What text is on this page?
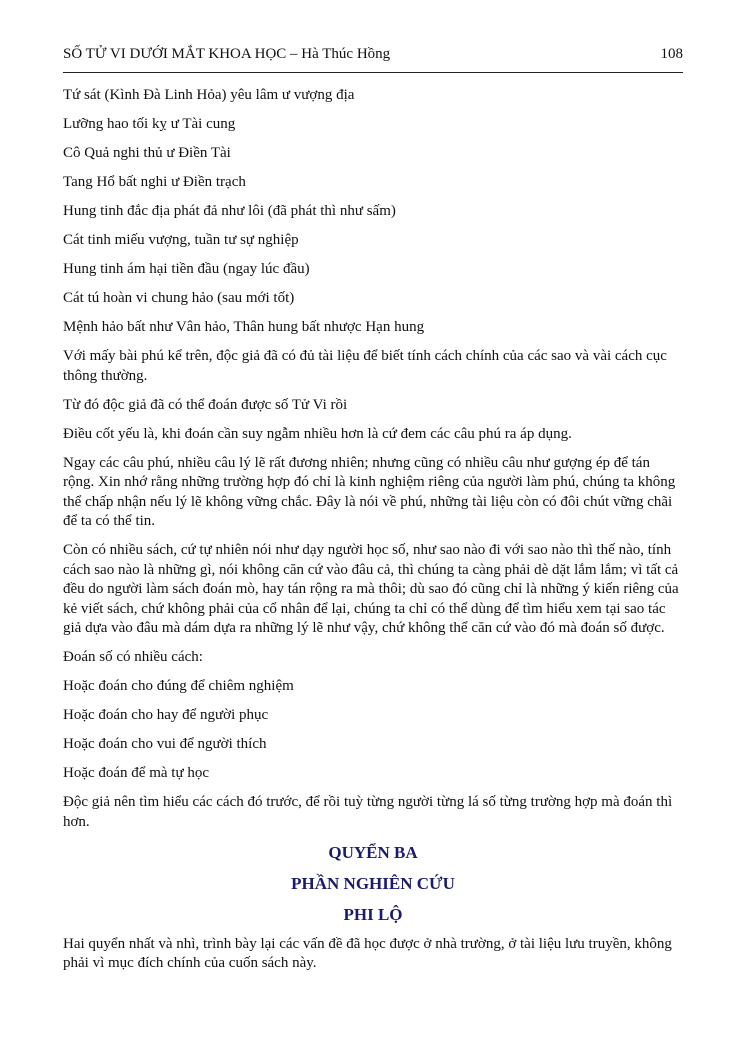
SỐ TỬ VI DƯỚI MẮT KHOA HỌC – Hà Thúc Hồng	108

Tứ sát (Kình Đà Linh Hỏa) yêu lâm ư vượng địa

Lưỡng hao tối kỵ ư Tài cung

Cô Quả nghi thủ ư Điền Tài

Tang Hổ bất nghi ư Điền trạch

Hung tinh đắc địa phát đả như lôi (đã phát thì như sấm)

Cát tinh miếu vượng, tuần tư sự nghiệp

Hung tinh ám hại tiền đầu (ngay lúc đầu)

Cát tú hoàn vi chung hảo (sau mới tốt)

Mệnh hảo bất như Vân hảo, Thân hung bất nhược Hạn hung

Với mấy bài phú kể trên, độc giả đã có đủ tài liệu để biết tính cách chính của các sao và vài cách cục thông thường.

Từ đó độc giả đã có thể đoán được số Tử Vi rồi

Điều cốt yếu là, khi đoán cần suy ngẫm nhiều hơn là cứ đem các câu phú ra áp dụng.

Ngay các câu phú, nhiều câu lý lẽ rất đương nhiên; nhưng cũng có nhiều câu như gượng ép để tán rộng. Xin nhớ rằng những trường hợp đó chỉ là kinh nghiệm riêng của người làm phú, chúng ta không thể chấp nhận nếu lý lẽ không vững chắc. Đây là nói về phú, những tài liệu còn có đôi chút vững chãi để ta có thể tin.

Còn có nhiều sách, cứ tự nhiên nói như dạy người học số, như sao nào đi với sao nào thì thế nào, tính cách sao nào là những gì, nói không căn cứ vào đâu cả, thì chúng ta càng phải dè dặt lắm lắm; vì tất cả đều do người làm sách đoán mò, hay tán rộng ra mà thôi; dù sao đó cũng chỉ là những ý kiến riêng của kẻ viết sách, chứ không phải của cổ nhân để lại, chúng ta chỉ có thể dùng để tìm hiểu xem tại sao tác giả dựa vào đâu mà dám dựa ra những lý lẽ như vậy, chứ không thể căn cứ vào đó mà đoán số được.

Đoán số có nhiều cách:

Hoặc đoán cho đúng để chiêm nghiệm

Hoặc đoán cho hay để người phục

Hoặc đoán cho vui để người thích

Hoặc đoán để mà tự học

Độc giả nên tìm hiểu các cách đó trước, để rồi tuỳ từng người từng lá số từng trường hợp mà đoán thì hơn.

QUYỂN BA

PHẦN NGHIÊN CỨU

PHI LỘ

Hai quyển nhất và nhì, trình bày lại các vấn đề đã học được ở nhà trường, ở tài liệu lưu truyền, không phải vì mục đích chính của cuốn sách này.
